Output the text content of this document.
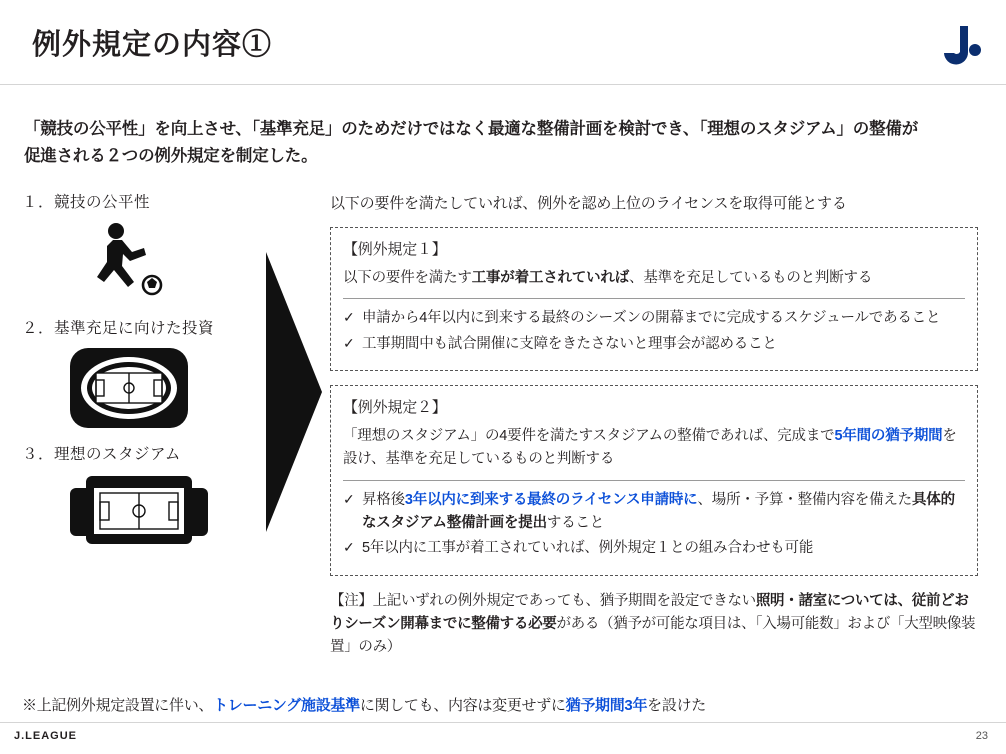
例外規定の内容①
「競技の公平性」を向上させ、「基準充足」のためだけではなく最適な整備計画を検討でき、「理想のスタジアム」の整備が
促進される２つの例外規定を制定した。
１．競技の公平性
２．基準充足に向けた投資
３．理想のスタジアム
以下の要件を満たしていれば、例外を認め上位のライセンスを取得可能とする
【例外規定１】
以下の要件を満たす工事が着工されていれば、基準を充足しているものと判断する
✓ 申請から4年以内に到来する最終のシーズンの開幕までに完成するスケジュールであること
✓ 工事期間中も試合開催に支障をきたさないと理事会が認めること
【例外規定２】
「理想のスタジアム」の4要件を満たすスタジアムの整備であれば、完成まで5年間の猶予期間を設け、基準を充足しているものと判断する
✓ 昇格後3年以内に到来する最終のライセンス申請時に、場所・予算・整備内容を備えた具体的なスタジアム整備計画を提出すること
✓ 5年以内に工事が着工されていれば、例外規定１との組み合わせも可能
【注】上記いずれの例外規定であっても、猶予期間を設定できない照明・諸室については、従前どおりシーズン開幕までに整備する必要がある（猶予が可能な項目は、「入場可能数」および「大型映像装置」のみ）
※上記例外規定設置に伴い、トレーニング施設基準に関しても、内容は変更せずに猶予期間3年を設けた
J.LEAGUE	23
